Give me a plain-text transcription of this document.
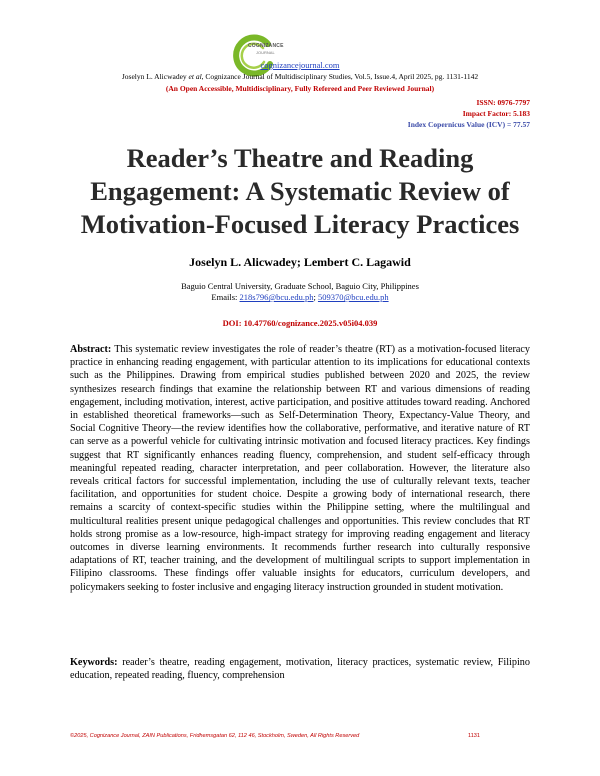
COGNIZANCE
JOURNAL
cognizancejournal.com
Joselyn L. Alicwadey et al, Cognizance Journal of Multidisciplinary Studies, Vol.5, Issue.4, April 2025, pg. 1131-1142
(An Open Accessible, Multidisciplinary, Fully Refereed and Peer Reviewed Journal)
ISSN: 0976-7797
Impact Factor: 5.183
Index Copernicus Value (ICV) = 77.57
Reader’s Theatre and Reading
Engagement: A Systematic Review of
Motivation-Focused Literacy Practices
Joselyn L. Alicwadey; Lembert C. Lagawid
Baguio Central University, Graduate School, Baguio City, Philippines
Emails: 218s796@bcu.edu.ph; 509370@bcu.edu.ph
DOI: 10.47760/cognizance.2025.v05i04.039
Abstract: This systematic review investigates the role of reader’s theatre (RT) as a motivation-focused literacy practice in enhancing reading engagement, with particular attention to its implications for educational contexts such as the Philippines. Drawing from empirical studies published between 2020 and 2025, the review synthesizes research findings that examine the relationship between RT and various dimensions of reading engagement, including motivation, interest, active participation, and positive attitudes toward reading. Anchored in established theoretical frameworks—such as Self-Determination Theory, Expectancy-Value Theory, and Social Cognitive Theory—the review identifies how the collaborative, performative, and iterative nature of RT can serve as a powerful vehicle for cultivating intrinsic motivation and focused literacy practices. Key findings suggest that RT significantly enhances reading fluency, comprehension, and student self-efficacy through meaningful repeated reading, character interpretation, and peer collaboration. However, the literature also reveals critical factors for successful implementation, including the use of culturally relevant texts, teacher facilitation, and opportunities for student choice. Despite a growing body of international research, there remains a scarcity of context-specific studies within the Philippine setting, where the multilingual and multicultural realities present unique pedagogical challenges and opportunities. This review concludes that RT holds strong promise as a low-resource, high-impact strategy for improving reading engagement and literacy outcomes in diverse learning environments. It recommends further research into culturally responsive adaptations of RT, teacher training, and the development of multilingual scripts to support implementation in Filipino classrooms. These findings offer valuable insights for educators, curriculum developers, and policymakers seeking to foster inclusive and engaging literacy instruction grounded in student motivation.
Keywords: reader’s theatre, reading engagement, motivation, literacy practices, systematic review, Filipino education, repeated reading, fluency, comprehension
©2025, Cognizance Journal, ZAIN Publications, Fridhemsgatan 62, 112 46, Stockholm, Sweden, All Rights Reserved	1131
